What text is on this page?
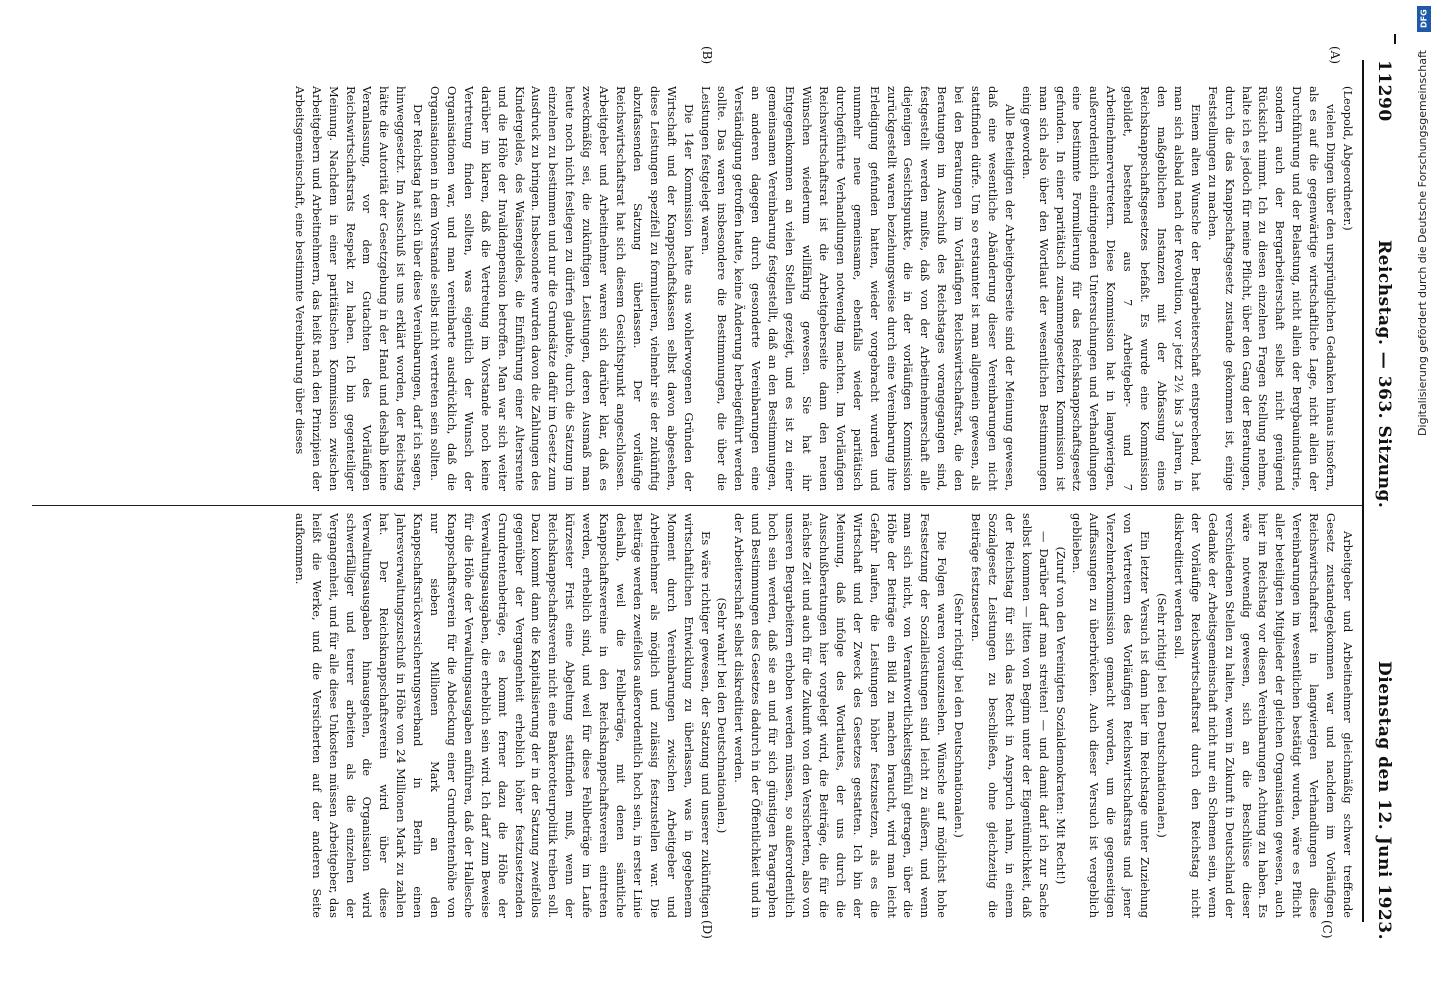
11290
Reichstag. — 363. Sitzung.
Dienstag den 12. Juni 1923.
(A)
(B)
(C)
(D)

(Leopold, Abgeordneter.)

vielen Dingen über den ursprünglichen Gedanken hinaus insofern, als es auf die gegenwärtige wirtschaftliche Lage, nicht allein der Durchführung und der Belastung, nicht allein der Bergbauindustrie, sondern auch der Bergarbeiterschaft selbst nicht genügend Rücksicht nimmt. Ich zu diesen einzelnen Fragen Stellung nehme, halte ich es jedoch für meine Pflicht, über den Gang der Beratungen, durch die das Knappschaftsgesetz zustande gekommen ist, einige Feststellungen zu machen.

Einem alten Wunsche der Bergarbeiterschaft entsprechend, hat man sich alsbald nach der Revolution, vor jetzt 2½ bis 3 Jahren, in den maßgeblichen Instanzen mit der Abfassung eines Reichsknappschaftsgesetzes befaßt. Es wurde eine Kommission gebildet, bestehend aus 7 Arbeitgeber- und 7 Arbeitnehmervertretern. Diese Kommission hat in langwierigen, außerordentlich eindringenden Untersuchungen und Verhandlungen eine bestimmte Formulierung für das Reichsknappschaftsgesetz gefunden. In einer paritätisch zusammengesetzten Kommission ist man sich also über den Wortlaut der wesentlichen Bestimmungen einig geworden.

Alle Beteiligten der Arbeitgeberseite sind der Meinung gewesen, daß eine wesentliche Abänderung dieser Vereinbarungen nicht stattfinden dürfe. Um so erstaunter ist man allgemein gewesen, als bei den Beratungen im Vorläufigen Reichswirtschaftsrat, die den Beratungen im Ausschuß des Reichstages vorangegangen sind, festgestellt werden mußte, daß von der Arbeitnehmerschaft alle diejenigen Gesichtspunkte, die in der vorläufigen Kommission zurückgestellt waren beziehungsweise durch eine Vereinbarung ihre Erledigung gefunden hatten, wieder vorgebracht wurden und nunmehr neue gemeinsame, ebenfalls wieder paritätisch durchgeführte Verhandlungen notwendig machten. Im Vorläufigen Reichswirtschaftsrat ist die Arbeitgeberseite dann den neuen Wünschen wiederum willfährig gewesen. Sie hat ihr Entgegenkommen an vielen Stellen gezeigt, und es ist zu einer gemeinsamen Vereinbarung festgestellt, daß an den Bestimmungen, an anderen dagegen durch gesonderte Vereinbarungen eine Verständigung getroffen hatte, keine Änderung herbeigeführt werden sollte. Das waren insbesondere die Bestimmungen, die über die Leistungen festgelegt waren.

Die 14er Kommission hatte aus wohlerwogenen Gründen der Wirtschaft und der Knappschaftskassen selbst davon abgesehen, diese Leistungen spezifell zu formulieren, vielmehr sie der zukünftig abzufassenden Satzung überlassen. Der vorläufige Reichswirtschaftsrat hat sich diesem Gesichtspunkt angeschlossen. Arbeitgeber und Arbeitnehmer waren sich darüber klar, daß es zweckmäßig sei, die zukünftigen Leistungen, deren Ausmaß man heute noch nicht festlegen zu dürfen glaubte, durch die Satzung im einzelnen zu bestimmen und nur die Grundsätze dafür im Gesetz zum Ausdruck zu bringen. Insbesondere wurden davon die Zahlungen des Kindergeldes, des Waisengeldes, die Einführung einer Altersrente und die Höhe der Invalidenpension betroffen. Man war sich weiter darüber im klaren, daß die Vertretung im Vorstande noch keine Vertretung finden sollten, was eigentlich der Wunsch der Organisationen war, und man vereinbarte ausdrücklich, daß die Organisationen in dem Vorstande selbst nicht vertreten sein sollten.

Der Reichstag hat sich über diese Vereinbarungen, darf ich sagen, hinweggesetzt. Im Ausschuß ist uns erklärt worden, der Reichstag hätte die Autorität der Gesetzgebung in der Hand und deshalb keine Veranlassung, vor dem Gutachten des Vorläufigen Reichswirtschaftsrats Respekt zu haben. Ich bin gegenteiliger Meinung. Nachdem in einer paritätischen Kommission zwischen Arbeitgebern und Arbeitnehmern, das heißt nach den Prinzipien der Arbeitsgemeinschaft, eine bestimmte Vereinbarung über dieses

Arbeitgeber und Arbeitnehmer gleichmäßig schwer treffende Gesetz zustandegekommen war und nachdem im Vorläufigen Reichswirtschaftsrat in langwierigen Verhandlungen diese Vereinbarungen im wesentlichen bestätigt wurden, wäre es Pflicht aller beteiligten Mitglieder der gleichen Organisation gewesen, auch hier im Reichstag vor diesen Vereinbarungen Achtung zu haben. Es wäre notwendig gewesen, sich an die Beschlüsse dieser verschiedenen Stellen zu halten, wenn in Zukunft in Deutschland der Gedanke der Arbeitsgemeinschaft nicht nur ein Schemen sein, wenn der Vorläufige Reichswirtschaftsrat durch den Reichstag nicht diskreditiert werden soll.

(Sehr richtig! bei den Deutschnationalen.)

Ein letzter Versuch ist dann hier im Reichstage unter Zuziehung von Vertretern des Vorläufigen Reichswirtschaftsrats und jener Vierzehnerkommission gemacht worden, um die gegenseitigen Auffassungen zu überbrücken. Auch dieser Versuch ist vergeblich geblieben.

(Zuruf von den Vereinigten Sozialdemokraten: Mit Recht!)

— Darüber darf man streiten! — und damit darf ich zur Sache selbst kommen — litten von Beginn unter der Eigentümlichkeit, daß der Reichstag für sich das Recht in Anspruch nahm, in einem Sozialgesetz Leistungen zu beschließen, ohne gleichzeitig die Beiträge festzusetzen.

(Sehr richtig! bei den Deutschnationalen.)

Die Folgen waren vorauszusehen. Wünsche auf möglichst hohe Festsetzung der Sozialleistungen sind leicht zu äußern, und wenn man sich nicht, von Verantwortlichkeitsgefühl getragen, über die Höhe der Beiträge ein Bild zu machen braucht, wird man leicht Gefahr laufen, die Leistungen höher festzusetzen, als es die Wirtschaft und der Zweck des Gesetzes gestatten. Ich bin der Meinung, daß infolge des Wortlautes, der uns durch die Ausschußberatungen hier vorgelegt wird, die Beiträge, die für die nächste Zeit und auch für die Zukunft von den Versicherten, also von unseren Bergarbeitern erhoben werden müssen, so außerordentlich hoch sein werden, daß sie an und für sich günstigen Paragraphen und Bestimmungen des Gesetzes dadurch in der Öffentlichkeit und in der Arbeiterschaft selbst diskreditiert werden.

(Sehr wahr! bei den Deutschnationalen.)

Es wäre richtiger gewesen, der Satzung und unserer zukünftigen wirtschaftlichen Entwicklung zu überlassen, was in gegebenem Moment durch Vereinbarungen zwischen Arbeitgeber und Arbeitnehmer als möglich und zulässig festzustellen war. Die Beiträge werden zweifellos außerordentlich hoch sein, in erster Linie deshalb, weil die Fehlbeträge, mit denen sämtliche Knappschaftsvereine in den Reichsknappschaftsverein eintreten werden, erheblich sind, und weil für diese Fehlbeträge im Laufe kürzester Frist eine Abgeltung stattfinden muß, wenn der Reichsknappschaftsverein nicht eine Bankerotteurpolitik treiben soll. Dazu kommt dann die Kapitalisierung der in der Satzung zweifellos gegenüber der Vergangenheit erheblich höher festzusetzenden Grundrentenbeträge, es kommt ferner dazu die Höhe der Verwaltungsausgaben, die erheblich sein wird. Ich darf zum Beweise für die Höhe der Verwaltungsausgaben anführen, daß der Hallesche Knappschaftsverein für die Abdeckung einer Grundrentenhöhe von nur sieben Millionen Mark an den Knappschaftsrückversicherungsverband in Berlin einen Jahresverwaltungszuschuß in Höhe von 24 Millionen Mark zu zahlen hat. Der Reichsknappschaftsverein wird über diese Verwaltungsausgaben hinausgehen, die Organisation wird schwerfälliger und teurer arbeiten als die einzelnen der Vergangenheit, und für alle diese Unkosten müssen Arbeitgeber, das heißt die Werke, und die Versicherten auf der anderen Seite aufkommen.

Digitalisierung gefördert durch die Deutsche Forschungsgemeinschaft
DFG
